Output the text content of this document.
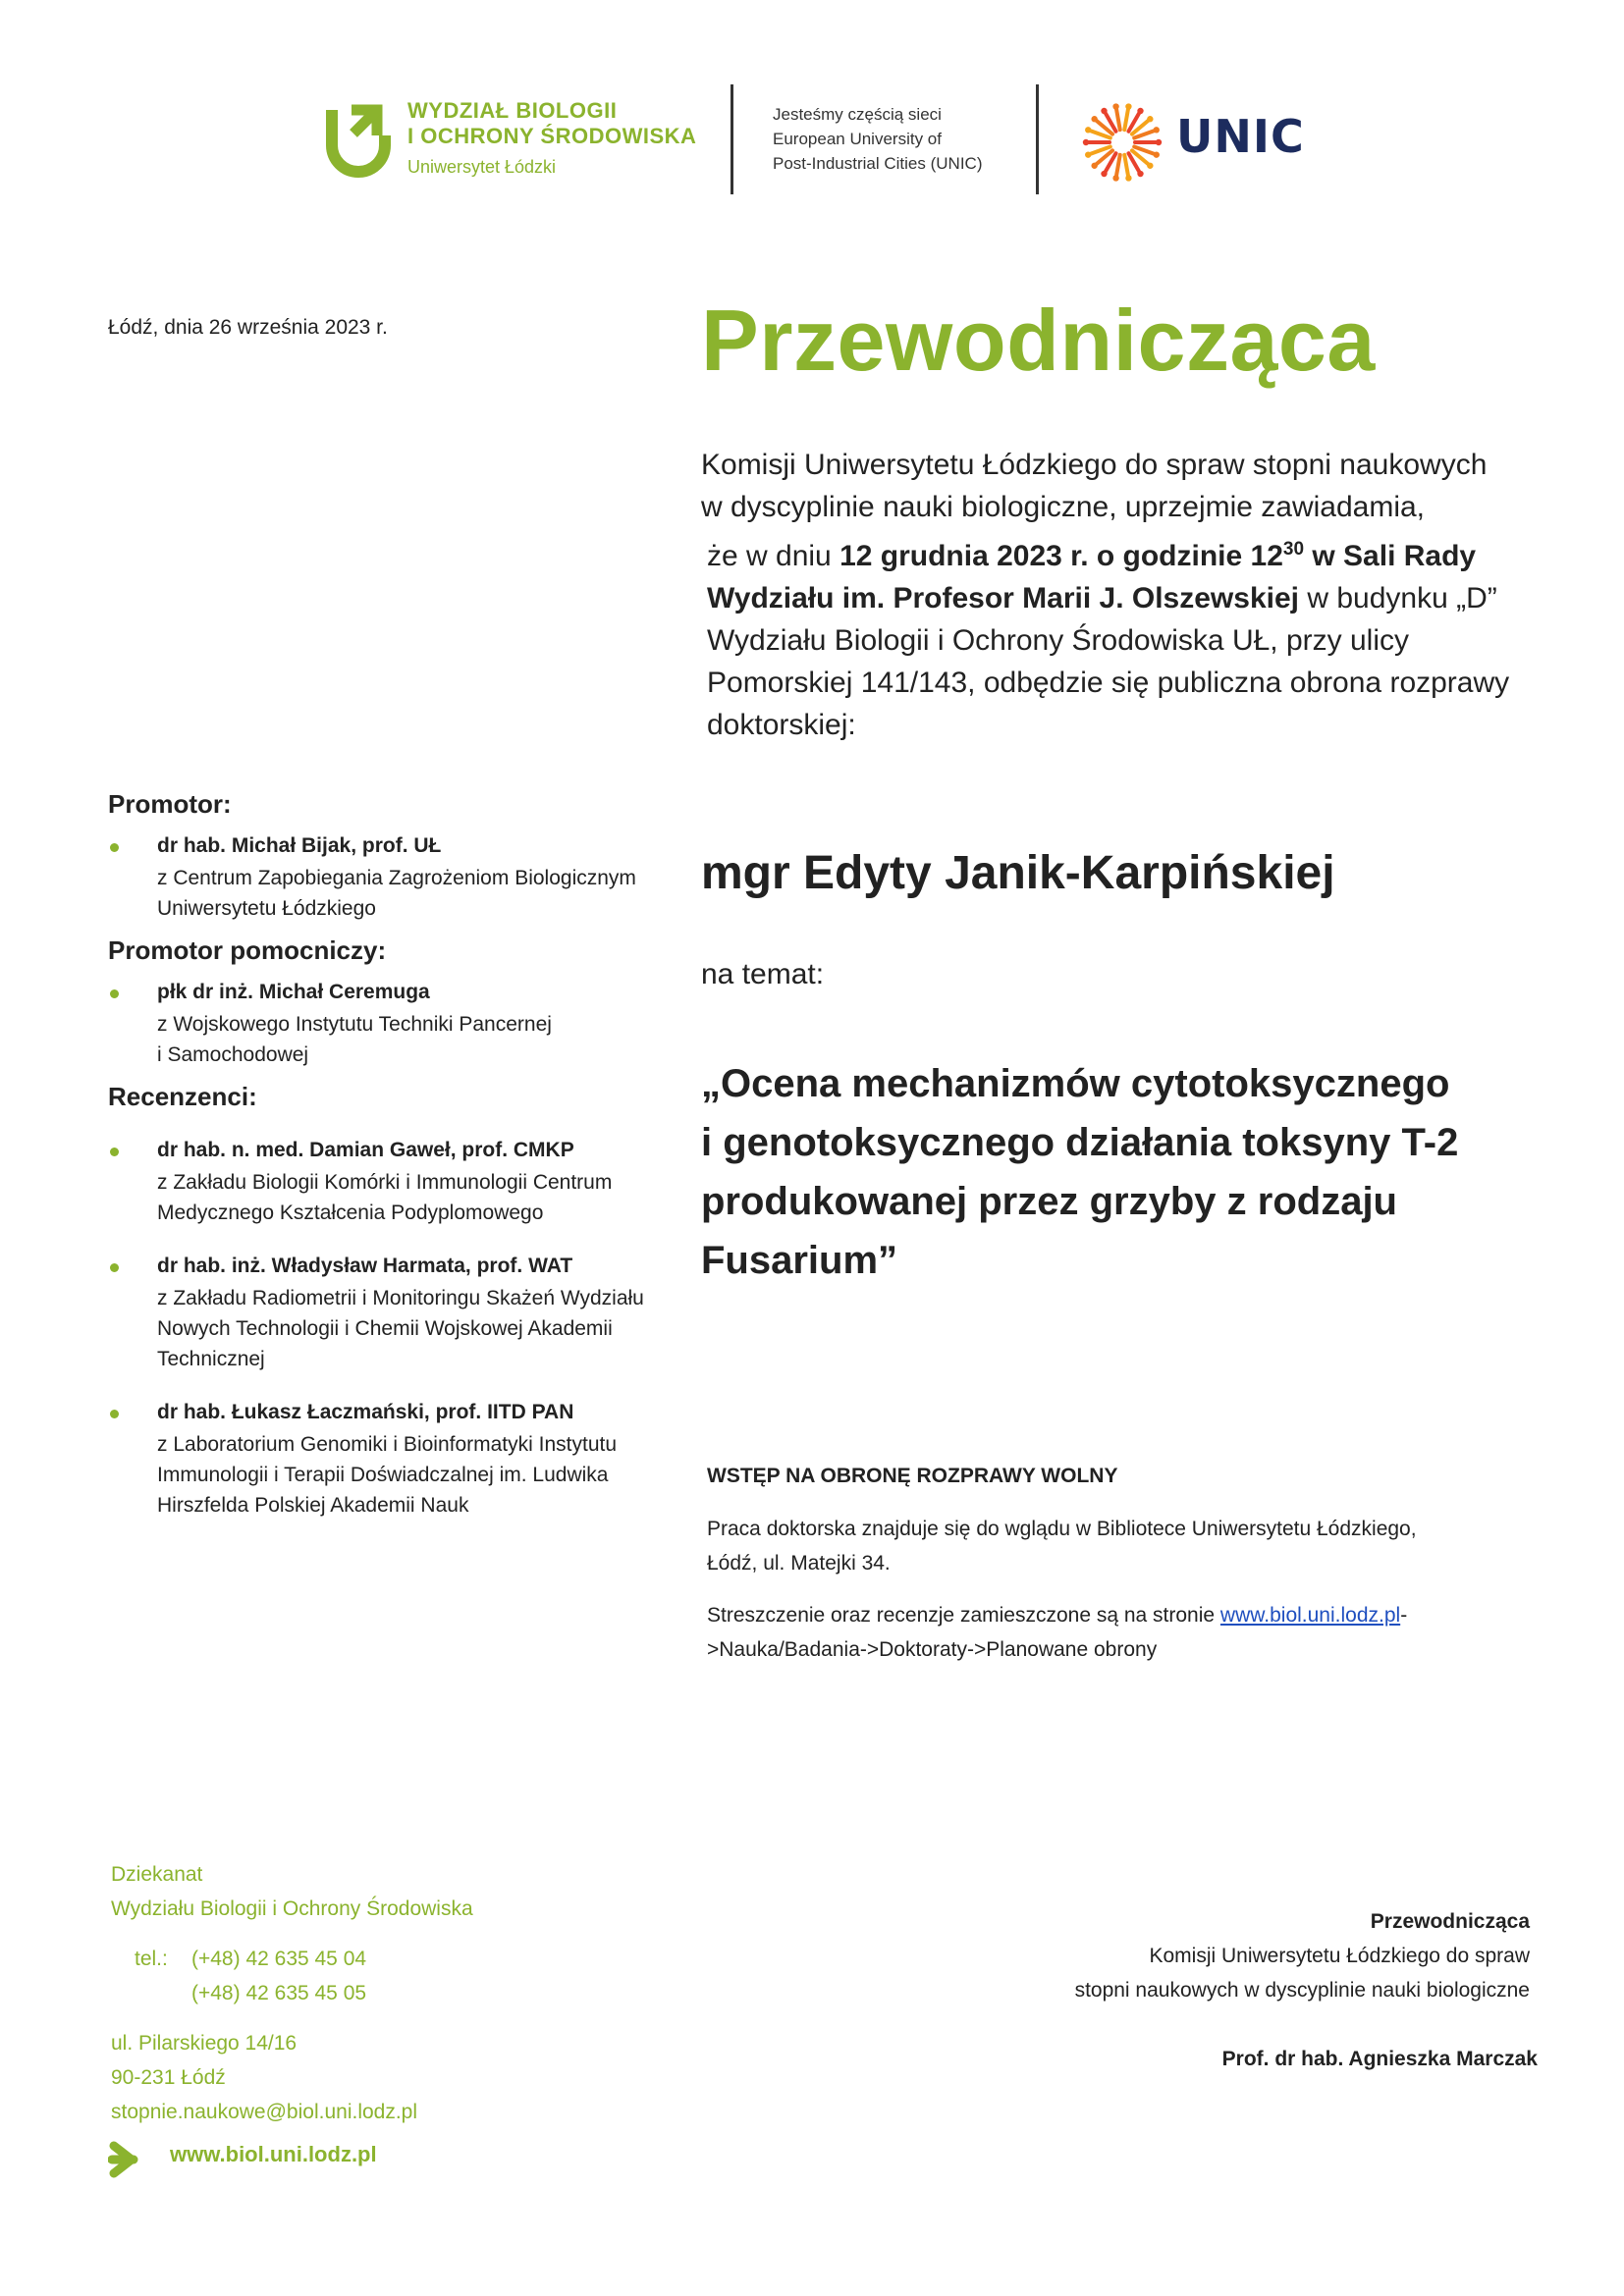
WYDZIAŁ BIOLOGII
I OCHRONY ŚRODOWISKA
Uniwersytet Łódzki
Jesteśmy częścią sieci
European University of
Post-Industrial Cities (UNIC)
UNIC
Łódź, dnia 26 września 2023 r.	Przewodnicząca

Komisji Uniwersytetu Łódzkiego do spraw stopni naukowych

w dyscyplinie nauki biologiczne, uprzejmie zawiadamia,

że w dniu 12 grudnia 2023 r. o godzinie $12^{30}$ w Sali Rady

Wydziału im. Profesor Marii J. Olszewskiej w budynku „D”

Wydziału Biologii i Ochrony Środowiska UŁ, przy ulicy

Pomorskiej 141/143, odbędzie się publiczna obrona rozprawy

doktorskiej:

Promotor:
dr hab. Michał Bijak, prof. UŁ
z Centrum Zapobiegania Zagrożeniom Biologicznym
Uniwersytetu Łódzkiego
Promotor pomocniczy:
płk dr inż. Michał Ceremuga
z Wojskowego Instytutu Techniki Pancernej
i Samochodowej
Recenzenci:
dr hab. n. med. Damian Gaweł, prof. CMKP
z Zakładu Biologii Komórki i Immunologii Centrum
Medycznego Kształcenia Podyplomowego
dr hab. inż. Władysław Harmata, prof. WAT
z Zakładu Radiometrii i Monitoringu Skażeń Wydziału
Nowych Technologii i Chemii Wojskowej Akademii
Technicznej
dr hab. Łukasz Łaczmański, prof. IITD PAN
z Laboratorium Genomiki i Bioinformatyki Instytutu
Immunologii i Terapii Doświadczalnej im. Ludwika
Hirszfelda Polskiej Akademii Nauk
mgr Edyty Janik-Karpińskiej
na temat:
„Ocena mechanizmów cytotoksycznego
i genotoksycznego działania toksyny T-2
produkowanej przez grzyby z rodzaju
Fusarium”
WSTĘP NA OBRONĘ ROZPRAWY WOLNY
Praca doktorska znajduje się do wglądu w Bibliotece Uniwersytetu Łódzkiego,
Łódź, ul. Matejki 34.
Streszczenie oraz recenzje zamieszczone są na stronie www.biol.uni.lodz.pl-
>Nauka/Badania->Doktoraty->Planowane obrony
Dziekanat
Wydziału Biologii i Ochrony Środowiska
tel.:	(+48) 42 635 45 04
(+48) 42 635 45 05
ul. Pilarskiego 14/16
90-231 Łódź
stopnie.naukowe@biol.uni.lodz.pl
www.biol.uni.lodz.pl
Przewodnicząca
Komisji Uniwersytetu Łódzkiego do spraw
stopni naukowych w dyscyplinie nauki biologiczne
Prof. dr hab. Agnieszka Marczak
